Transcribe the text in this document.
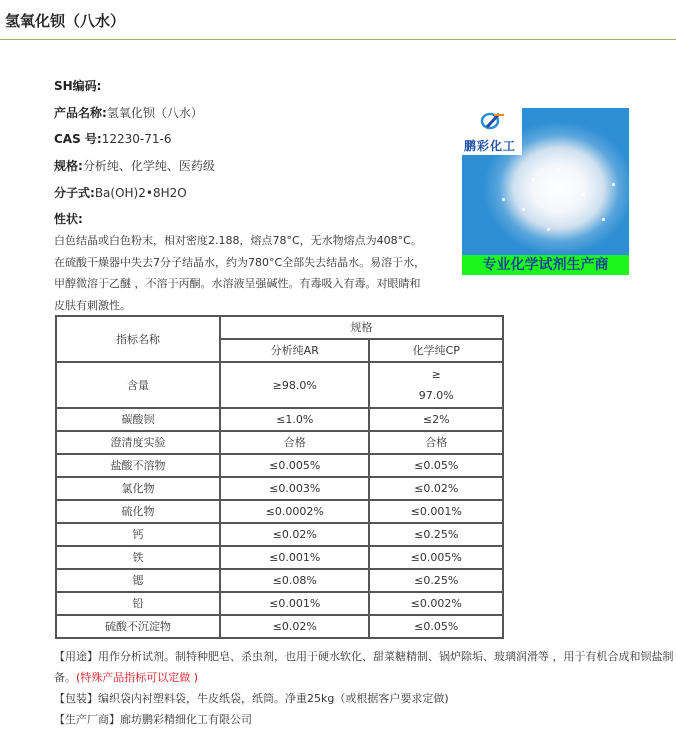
氢氧化钡（八水）
SH编码:
产品名称:氢氧化钡（八水）
CAS 号:12230-71-6
规格:分析纯、化学纯、医药级
分子式:Ba(OH)2•8H2O
性状:

白色结晶或白色粉末，相对密度2.188，熔点78°C，无水物熔点为408°C。

在硫酸干燥器中失去7分子结晶水，约为780°C全部失去结晶水。易溶于水，

甲醇微溶于乙醚 ，不溶于丙酮。水溶液呈强碱性。有毒吸入有毒。对眼睛和

皮肤有刺激性。

鹏彩化工
专业化学试剂生产商
指标名称	规格	
	分析纯AR	化学纯CP
含量	≥98.0%	≥
97.0%

碳酸钡	≤1.0%	≤2%
澄清度实验	合格	合格
盐酸不溶物	≤0.005%	≤0.05%
氯化物	≤0.003%	≤0.02%
硫化物	≤0.0002%	≤0.001%
钙	≤0.02%	≤0.25%
铁	≤0.001%	≤0.005%
锶	≤0.08%	≤0.25%
铅	≤0.001%	≤0.002%
硫酸不沉淀物	≤0.02%	≤0.05%
【用途】用作分析试剂。制特种肥皂、杀虫剂，也用于硬水软化、甜菜糖精制、锅炉除垢、玻璃润滑等 ，用于有机合成和钡盐制
备。(特殊产品指标可以定做 )
【包装】编织袋内衬塑料袋，牛皮纸袋，纸筒。净重25kg（或根据客户要求定做)
【生产厂商】廊坊鹏彩精细化工有限公司
